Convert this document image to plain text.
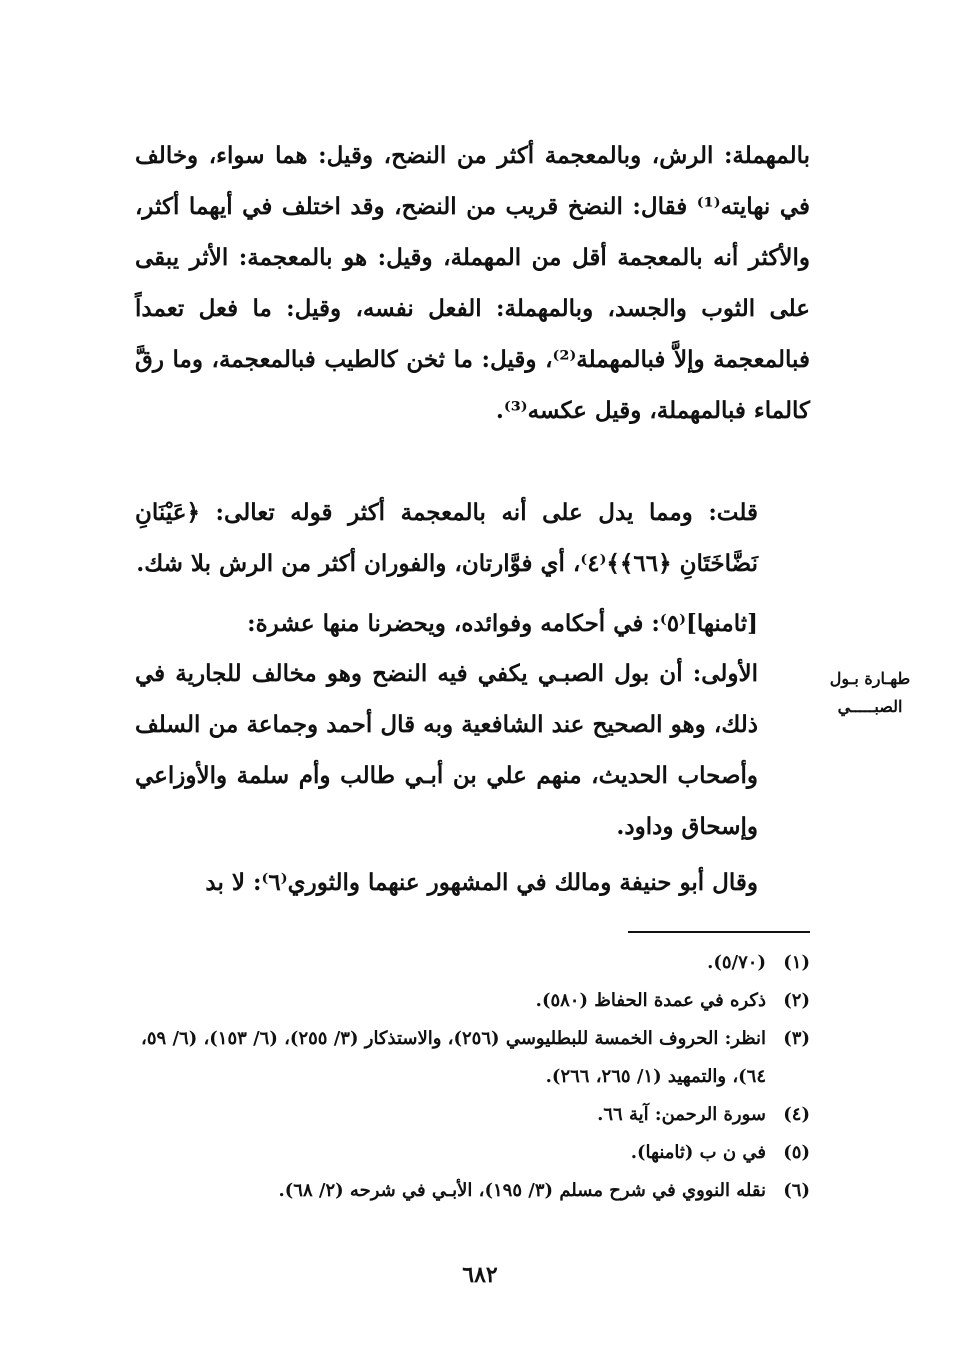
بالمهملة: الرش، وبالمعجمة أكثر من النضح، وقيل: هما سواء، وخالف في نهايته⁽¹⁾ فقال: النضخ قريب من النضح، وقد اختلف في أيهما أكثر، والأكثر أنه بالمعجمة أقل من المهملة، وقيل: هو بالمعجمة: الأثر يبقى على الثوب والجسد، وبالمهملة: الفعل نفسه، وقيل: ما فعل تعمداً فبالمعجمة وإلاَّ فبالمهملة⁽²⁾، وقيل: ما ثخن كالطيب فبالمعجمة، وما رقَّ كالماء فبالمهملة، وقيل عكسه⁽³⁾.

قلت: ومما يدل على أنه بالمعجمة أكثر قوله تعالى: ﴿عَيْنَانِ نَضَّاخَتَانِ ﴿٦٦﴾﴾⁽٤⁾، أي فوَّارتان، والفوران أكثر من الرش بلا شك.

[ثامنها]⁽٥⁾: في أحكامه وفوائده، ويحضرنا منها عشرة:

الأولى: أن بول الصبـي يكفي فيه النضح وهو مخالف للجارية في ذلك، وهو الصحيح عند الشافعية وبه قال أحمد وجماعة من السلف وأصحاب الحديث، منهم علي بن أبـي طالب وأم سلمة والأوزاعي وإسحاق وداود.

وقال أبو حنيفة ومالك في المشهور عنهما والثوري⁽٦⁾: لا بد

طهـارة بـول
الصبـــــي
(١)
(٥/٧٠).
(٢)
ذكره في عمدة الحفاظ (٥٨٠).
(٣)
انظر: الحروف الخمسة للبطليوسي (٢٥٦)، والاستذكار (٣/ ٢٥٥)، (٦/ ١٥٣)، (٦/ ٥٩، ٦٤)، والتمهيد (١/ ٢٦٥، ٢٦٦).
(٤)
سورة الرحمن: آية ٦٦.
(٥)
في ن ب (ثامنها).
(٦)
نقله النووي في شرح مسلم (٣/ ١٩٥)، الأبـي في شرحه (٢/ ٦٨).
٦٨٢
